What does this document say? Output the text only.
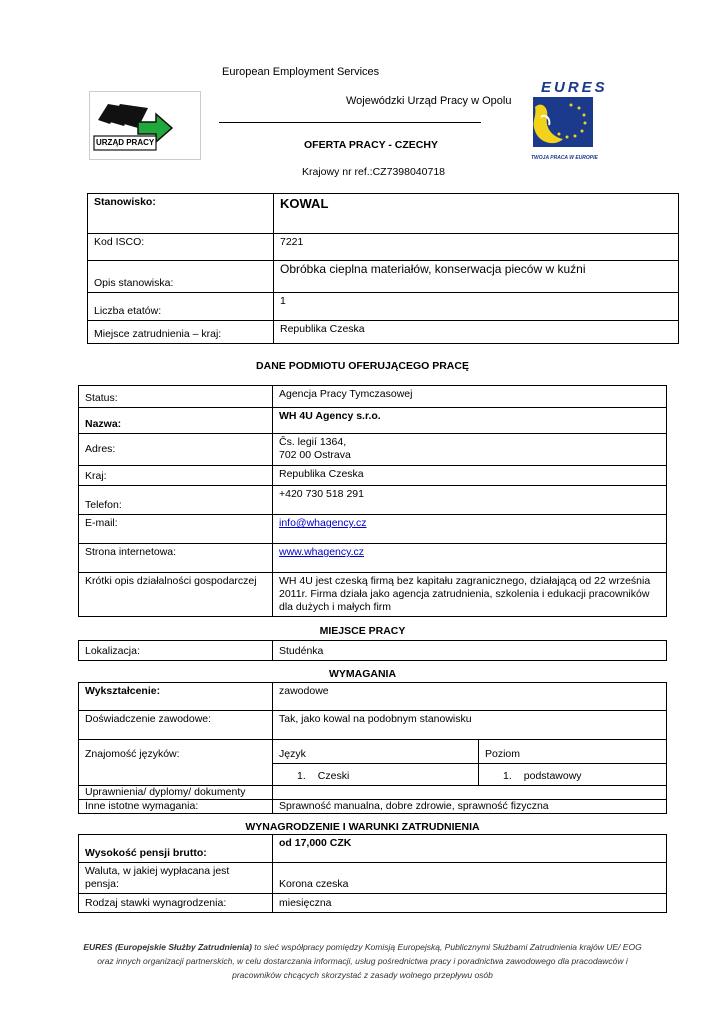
European Employment Services
Wojewódzki Urząd Pracy w Opolu
OFERTA PRACY - CZECHY
Krajowy nr ref.:CZ7398040718
URZĄD PRACY
EURES
TWOJA PRACA W EUROPIE
Stanowisko:	KOWAL
Kod ISCO:	7221
Opis stanowiska:	Obróbka cieplna materiałów, konserwacja pieców w kuźni
Liczba etatów:	1
Miejsce zatrudnienia – kraj:	Republika Czeska
DANE PODMIOTU OFERUJĄCEGO PRACĘ
Status:	Agencja Pracy Tymczasowej
Nazwa:	WH 4U Agency s.r.o.
Adres:	Čs. legií 1364,
702 00 Ostrava

Kraj:	Republika Czeska
Telefon:	+420 730 518 291
E-mail:	info@whagency.cz
Strona internetowa:	www.whagency.cz
Krótki opis działalności gospodarczej	WH 4U jest czeską firmą bez kapitału zagranicznego, działającą od 22 września 2011r. Firma działa jako agencja zatrudnienia, szkolenia i edukacji pracowników dla dużych i małych firm
MIEJSCE PRACY
Lokalizacja:	Studénka
WYMAGANIA
Wykształcenie:	zawodowe	
Doświadczenie zawodowe:	Tak, jako kowal na podobnym stanowisku	
Znajomość języków:	Język	Poziom
	1. Czeski	1. podstawowy
Uprawnienia/ dyplomy/ dokumenty		
Inne istotne wymagania:	Sprawność manualna, dobre zdrowie, sprawność fizyczna	
WYNAGRODZENIE I WARUNKI ZATRUDNIENIA
Wysokość pensji brutto:	od 17,000 CZK
Waluta, w jakiej wypłacana jest pensja:	Korona czeska
Rodzaj stawki wynagrodzenia:	miesięczna
EURES (Europejskie Służby Zatrudnienia) to sieć współpracy pomiędzy Komisją Europejską, Publicznymi Służbami Zatrudnienia krajów UE/ EOG
oraz innych organizacji partnerskich, w celu dostarczania informacji, usług pośrednictwa pracy i poradnictwa zawodowego dla pracodawców i
pracowników chcących skorzystać z zasady wolnego przepływu osób
